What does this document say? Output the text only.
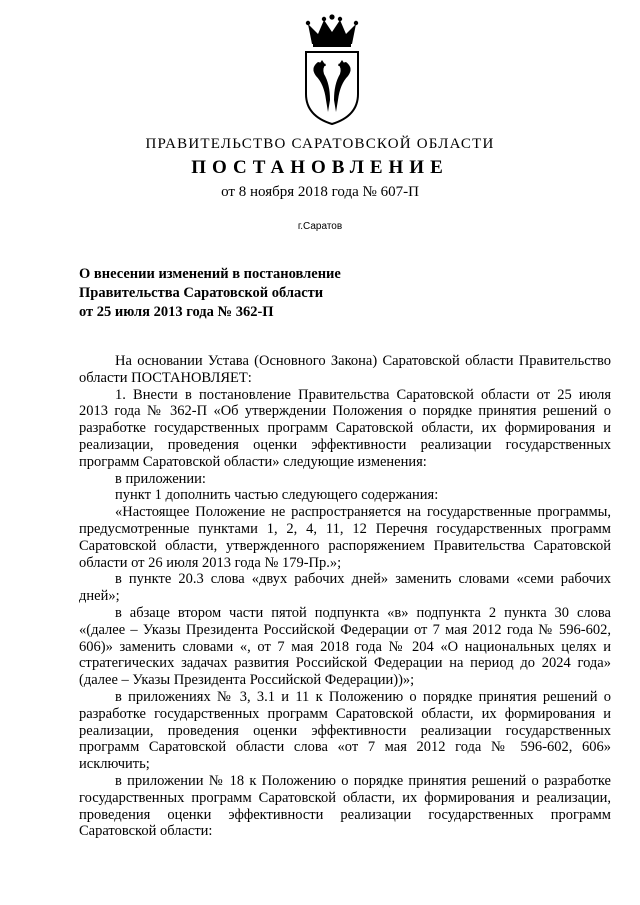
ПРАВИТЕЛЬСТВО САРАТОВСКОЙ ОБЛАСТИ
ПОСТАНОВЛЕНИЕ
от 8 ноября 2018 года № 607-П
г.Саратов
О внесении изменений в постановление
Правительства Саратовской области
от 25 июля 2013 года № 362-П

На основании Устава (Основного Закона) Саратовской области Правительство области ПОСТАНОВЛЯЕТ:

1. Внести в постановление Правительства Саратовской области от 25 июля 2013 года № 362-П «Об утверждении Положения о порядке принятия решений о разработке государственных программ Саратовской области, их формирования и реализации, проведения оценки эффективности реализации государственных программ Саратовской области» следующие изменения:

в приложении:

пункт 1 дополнить частью следующего содержания:

«Настоящее Положение не распространяется на государственные программы, предусмотренные пунктами 1, 2, 4, 11, 12 Перечня государственных программ Саратовской области, утвержденного распоряжением Правительства Саратовской области от 26 июля 2013 года № 179-Пр.»;

в пункте 20.3 слова «двух рабочих дней» заменить словами «семи рабочих дней»;

в абзаце втором части пятой подпункта «в» подпункта 2 пункта 30 слова «(далее – Указы Президента Российской Федерации от 7 мая 2012 года № 596-602, 606)» заменить словами «, от 7 мая 2018 года № 204 «О национальных целях и стратегических задачах развития Российской Федерации на период до 2024 года» (далее – Указы Президента Российской Федерации))»;

в приложениях № 3, 3.1 и 11 к Положению о порядке принятия решений о разработке государственных программ Саратовской области, их формирования и реализации, проведения оценки эффективности реализации государственных программ Саратовской области слова «от 7 мая 2012 года № 596-602, 606» исключить;

в приложении № 18 к Положению о порядке принятия решений о разработке государственных программ Саратовской области, их формирования и реализации, проведения оценки эффективности реализации государственных программ Саратовской области:
